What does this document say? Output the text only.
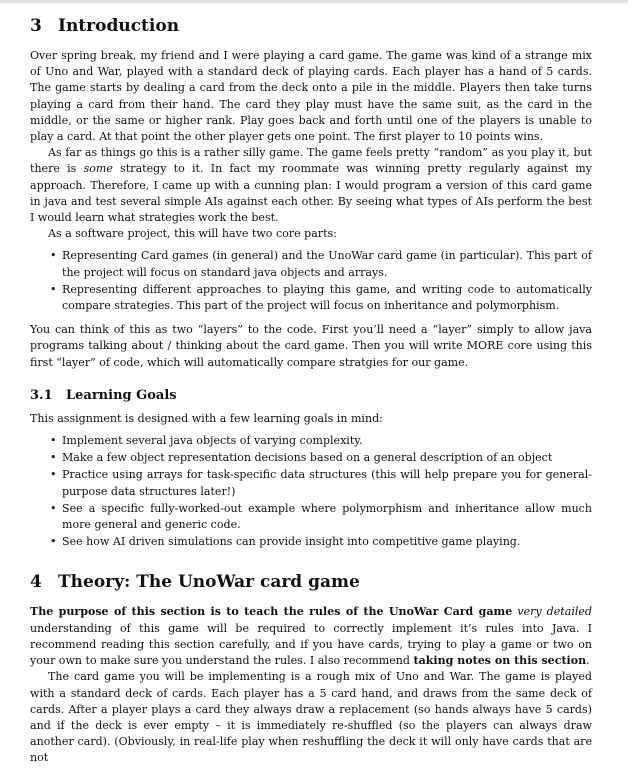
3 Introduction

Over spring break, my friend and I were playing a card game. The game was kind of a strange mix of Uno and War, played with a standard deck of playing cards. Each player has a hand of 5 cards. The game starts by dealing a card from the deck onto a pile in the middle. Players then take turns playing a card from their hand. The card they play must have the same suit, as the card in the middle, or the same or higher rank. Play goes back and forth until one of the players is unable to play a card. At that point the other player gets one point. The first player to 10 points wins.

As far as things go this is a rather silly game. The game feels pretty “random” as you play it, but there is some strategy to it. In fact my roommate was winning pretty regularly against my approach. Therefore, I came up with a cunning plan: I would program a version of this card game in java and test several simple AIs against each other. By seeing what types of AIs perform the best I would learn what strategies work the best.

As a software project, this will have two core parts:

• Representing Card games (in general) and the UnoWar card game (in particular). This part of the project will focus on standard java objects and arrays.
• Representing different approaches to playing this game, and writing code to automatically compare strategies. This part of the project will focus on inheritance and polymorphism.

You can think of this as two “layers” to the code. First you’ll need a “layer” simply to allow java programs talking about / thinking about the card game. Then you will write MORE core using this first “layer” of code, which will automatically compare stratgies for our game.

3.1 Learning Goals

This assignment is designed with a few learning goals in mind:

• Implement several java objects of varying complexity.
• Make a few object representation decisions based on a general description of an object
• Practice using arrays for task-specific data structures (this will help prepare you for general-purpose data structures later!)
• See a specific fully-worked-out example where polymorphism and inheritance allow much more general and generic code.
• See how AI driven simulations can provide insight into competitive game playing.
4 Theory: The UnoWar card game

The purpose of this section is to teach the rules of the UnoWar Card game very detailed understanding of this game will be required to correctly implement it’s rules into Java. I recommend reading this section carefully, and if you have cards, trying to play a game or two on your own to make sure you understand the rules. I also recommend taking notes on this section.

The card game you will be implementing is a rough mix of Uno and War. The game is played with a standard deck of cards. Each player has a 5 card hand, and draws from the same deck of cards. After a player plays a card they always draw a replacement (so hands always have 5 cards) and if the deck is ever empty – it is immediately re-shuffled (so the players can always draw another card). (Obviously, in real-life play when reshuffling the deck it will only have cards that are not
